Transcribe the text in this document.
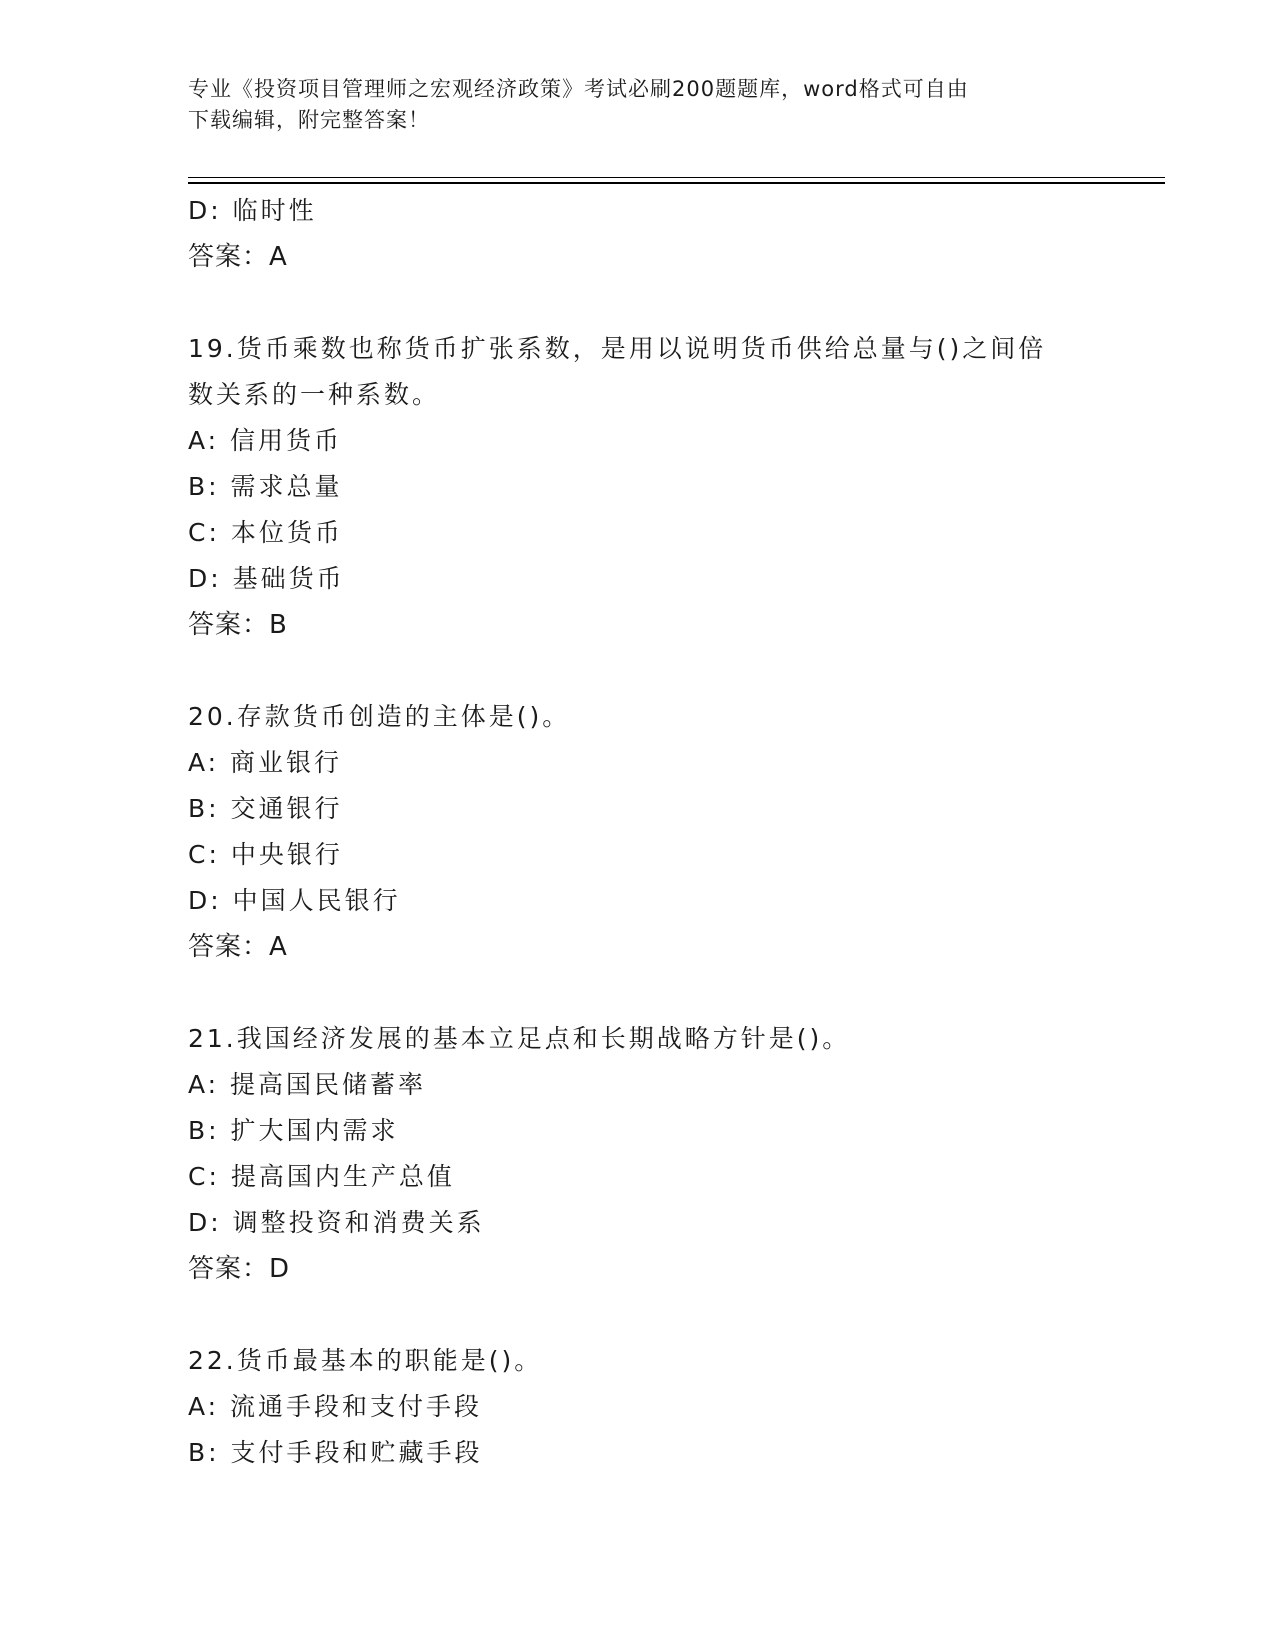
专业《投资项目管理师之宏观经济政策》考试必刷200题题库，word格式可自由
下载编辑，附完整答案！
D: 临时性
答案：A
19.货币乘数也称货币扩张系数，是用以说明货币供给总量与()之间倍
数关系的一种系数。
A: 信用货币
B: 需求总量
C: 本位货币
D: 基础货币
答案：B
20.存款货币创造的主体是()。
A: 商业银行
B: 交通银行
C: 中央银行
D: 中国人民银行
答案：A
21.我国经济发展的基本立足点和长期战略方针是()。
A: 提高国民储蓄率
B: 扩大国内需求
C: 提高国内生产总值
D: 调整投资和消费关系
答案：D
22.货币最基本的职能是()。
A: 流通手段和支付手段
B: 支付手段和贮藏手段
